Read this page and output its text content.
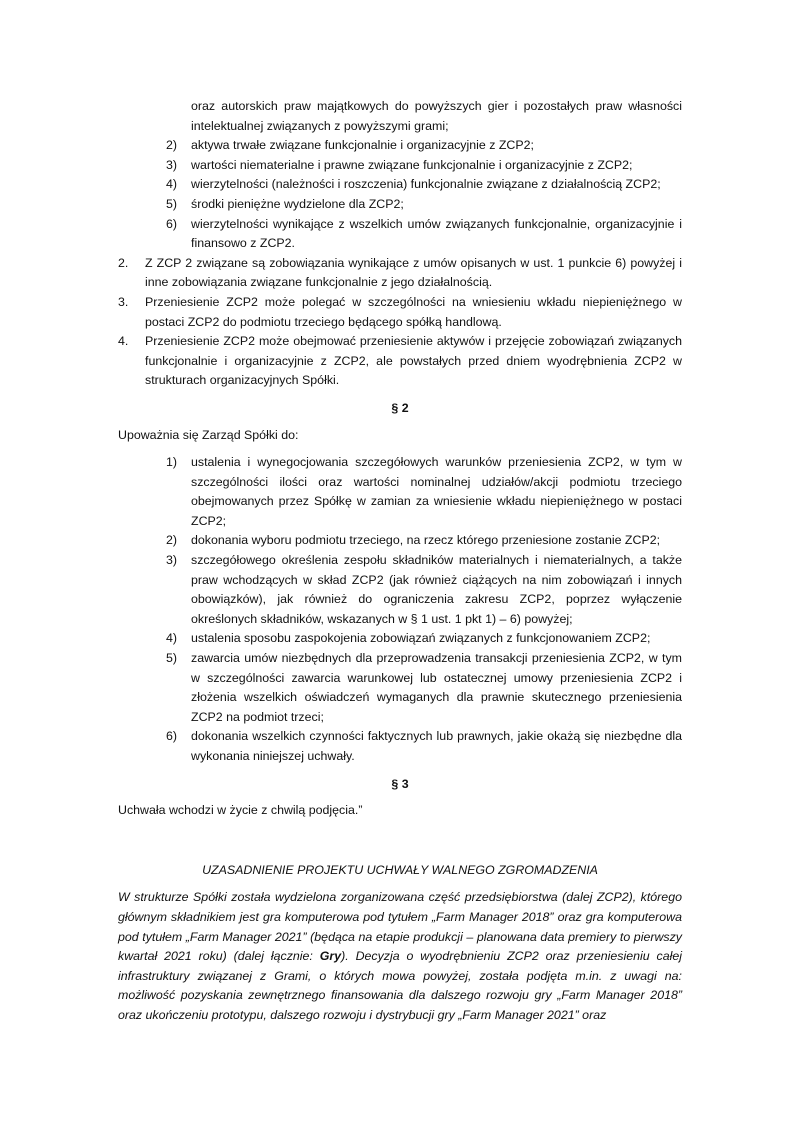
oraz autorskich praw majątkowych do powyższych gier i pozostałych praw własności intelektualnej związanych z powyższymi grami;

2)	aktywa trwałe związane funkcjonalnie i organizacyjnie z ZCP2;
3)	wartości niematerialne i prawne związane funkcjonalnie i organizacyjnie z ZCP2;
4)	wierzytelności (należności i roszczenia) funkcjonalnie związane z działalnością ZCP2;
5)	środki pieniężne wydzielone dla ZCP2;
6)	wierzytelności wynikające z wszelkich umów związanych funkcjonalnie, organizacyjnie i finansowo z ZCP2.
2.	Z ZCP 2 związane są zobowiązania wynikające z umów opisanych w ust. 1 punkcie 6) powyżej i inne zobowiązania związane funkcjonalnie z jego działalnością.
3.	Przeniesienie ZCP2 może polegać w szczególności na wniesieniu wkładu niepieniężnego w postaci ZCP2 do podmiotu trzeciego będącego spółką handlową.
4.	Przeniesienie ZCP2 może obejmować przeniesienie aktywów i przejęcie zobowiązań związanych funkcjonalnie i organizacyjnie z ZCP2, ale powstałych przed dniem wyodrębnienia ZCP2 w strukturach organizacyjnych Spółki.
§ 2

Upoważnia się Zarząd Spółki do:

1)	ustalenia i wynegocjowania szczegółowych warunków przeniesienia ZCP2, w tym w szczególności ilości oraz wartości nominalnej udziałów/akcji podmiotu trzeciego obejmowanych przez Spółkę w zamian za wniesienie wkładu niepieniężnego w postaci ZCP2;
2)	dokonania wyboru podmiotu trzeciego, na rzecz którego przeniesione zostanie ZCP2;
3)	szczegółowego określenia zespołu składników materialnych i niematerialnych, a także praw wchodzących w skład ZCP2 (jak również ciążących na nim zobowiązań i innych obowiązków), jak również do ograniczenia zakresu ZCP2, poprzez wyłączenie określonych składników, wskazanych w § 1 ust. 1 pkt 1) – 6) powyżej;
4)	ustalenia sposobu zaspokojenia zobowiązań związanych z funkcjonowaniem ZCP2;
5)	zawarcia umów niezbędnych dla przeprowadzenia transakcji przeniesienia ZCP2, w tym w szczególności zawarcia warunkowej lub ostatecznej umowy przeniesienia ZCP2 i złożenia wszelkich oświadczeń wymaganych dla prawnie skutecznego przeniesienia ZCP2 na podmiot trzeci;
6)	dokonania wszelkich czynności faktycznych lub prawnych, jakie okażą się niezbędne dla wykonania niniejszej uchwały.
§ 3

Uchwała wchodzi w życie z chwilą podjęcia.”

UZASADNIENIE PROJEKTU UCHWAŁY WALNEGO ZGROMADZENIA

W strukturze Spółki została wydzielona zorganizowana część przedsiębiorstwa (dalej ZCP2), którego głównym składnikiem jest gra komputerowa pod tytułem „Farm Manager 2018” oraz gra komputerowa pod tytułem „Farm Manager 2021” (będąca na etapie produkcji – planowana data premiery to pierwszy kwartał 2021 roku) (dalej łącznie: Gry). Decyzja o wyodrębnieniu ZCP2 oraz przeniesieniu całej infrastruktury związanej z Grami, o których mowa powyżej, została podjęta m.in. z uwagi na: możliwość pozyskania zewnętrznego finansowania dla dalszego rozwoju gry „Farm Manager 2018” oraz ukończeniu prototypu, dalszego rozwoju i dystrybucji gry „Farm Manager 2021” oraz
